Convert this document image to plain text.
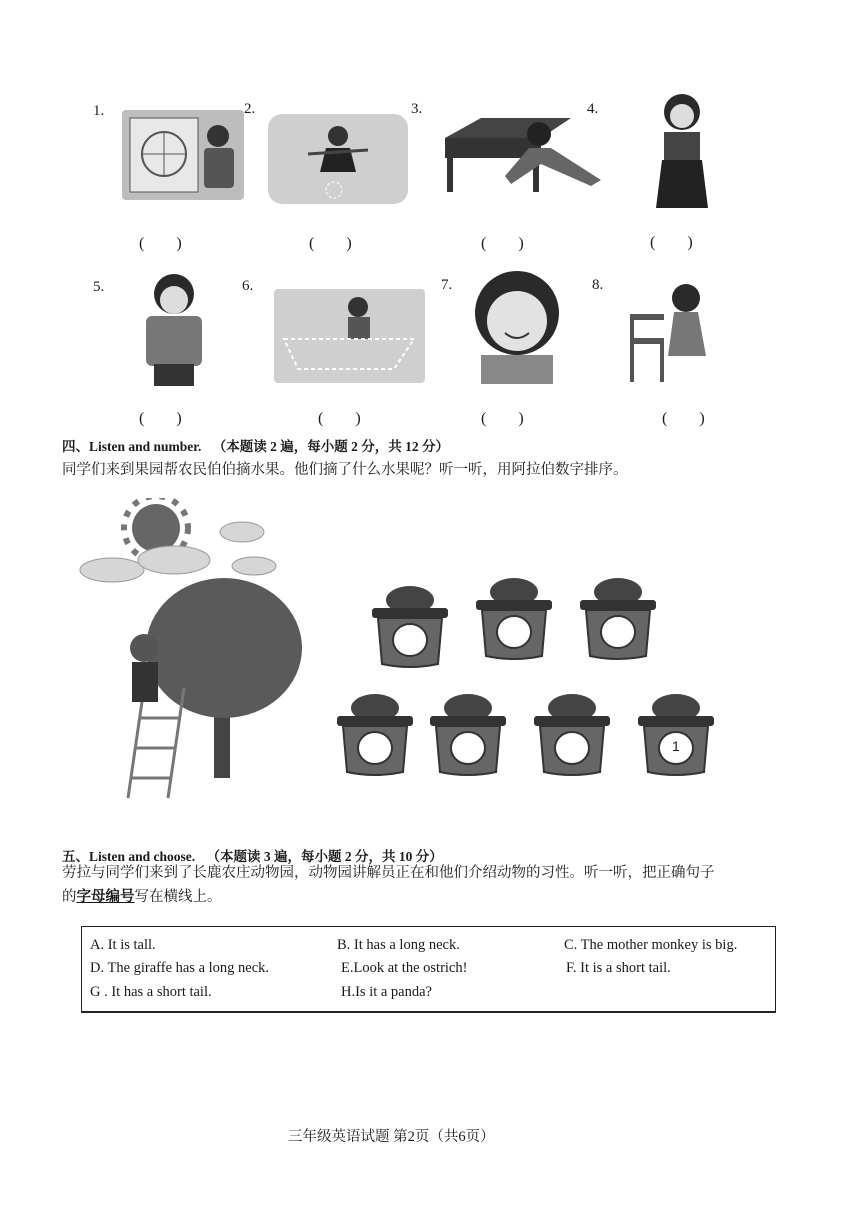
1.	2.	3.	4.
(　　)	(　　)	(　　)	(　　)
5.	6.	7.	8.
(　　)	(　　)	(　　)	(　　)
四、Listen and number. （本题读 2 遍，每小题 2 分，共 12 分）
同学们来到果园帮农民伯伯摘水果。他们摘了什么水果呢？听一听，用阿拉伯数字排序。
1
五、Listen and choose. （本题读 3 遍，每小题 2 分，共 10 分）
劳拉与同学们来到了长鹿农庄动物园，动物园讲解员正在和他们介绍动物的习性。听一听，把正确句子
的字母编号写在横线上。
A. It is tall.	B. It has a long neck.	C. The mother monkey is big.
D. The giraffe has a long neck.	E.Look at the ostrich!	F. It is a short tail.
G . It has a short tail.	H.Is it a panda?
三年级英语试题 第2页（共6页）
